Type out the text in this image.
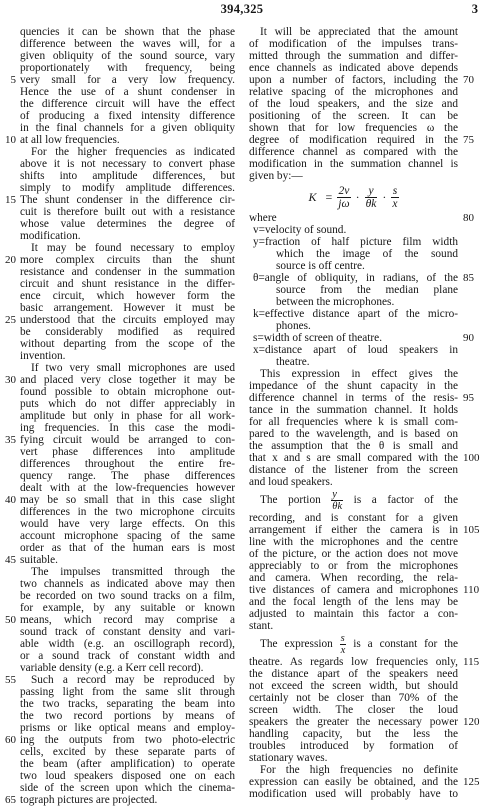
394,325	3
quencies it can be shown that the phase
difference between the waves will, for a
given obliquity of the sound source, vary
proportionately with frequency, being
very small for a very low frequency.
5
Hence the use of a shunt condenser in
the difference circuit will have the effect
of producing a fixed intensity difference
in the final channels for a given obliquity
at all low frequencies.
10
For the higher frequencies as indicated
above it is not necessary to convert phase
shifts into amplitude differences, but
simply to modify amplitude differences.
The shunt condenser in the difference cir-
15
cuit is therefore built out with a resistance
whose value determines the degree of
modification.
It may be found necessary to employ
more complex circuits than the shunt
20
resistance and condenser in the summation
circuit and shunt resistance in the differ-
ence circuit, which however form the
basic arrangement. However it must be
understood that the circuits employed may
25
be considerably modified as required
without departing from the scope of the
invention.
If two very small microphones are used
and placed very close together it may be
30
found possible to obtain microphone out-
puts which do not differ appreciably in
amplitude but only in phase for all work-
ing frequencies. In this case the modi-
fying circuit would be arranged to con-
35
vert phase differences into amplitude
differences throughout the entire fre-
quency range. The phase differences
dealt with at the low-frequencies however
may be so small that in this case slight
40
differences in the two microphone circuits
would have very large effects. On this
account microphone spacing of the same
order as that of the human ears is most
suitable.
45
The impulses transmitted through the
two channels as indicated above may then
be recorded on two sound tracks on a film,
for example, by any suitable or known
means, which record may comprise a
50
sound track of constant density and vari-
able width (e.g. an oscillograph record),
or a sound track of constant width and
variable density (e.g. a Kerr cell record).
Such a record may be reproduced by
55
passing light from the same slit through
the two tracks, separating the beam into
the two record portions by means of
prisms or like optical means and employ-
ing the outputs from two photo-electric
60
cells, excited by these separate parts of
the beam (after amplification) to operate
two loud speakers disposed one on each
side of the screen upon which the cinema-
tograph pictures are projected.
65
It will be appreciated that the amount
of modification of the impulses trans-
mitted through the summation and differ-
ence channels as indicated above depends
upon a number of factors, including the 70
relative spacing of the microphones and
of the loud speakers, and the size and
positioning of the screen. It can be
shown that for low frequencies ω the
degree of modification required in the 75
difference channel as compared with the
modification in the summation channel is
given by:—
$K = \frac{2v}{j\omega} \cdot \frac{y}{\theta k} \cdot \frac{s}{x}$
where	80
v=velocity of sound.
y=fraction of half picture film width
which the image of the sound
source is off centre.
θ=angle of obliquity, in radians, of the 85
source from the median plane
between the microphones.
k=effective distance apart of the micro-
phones.
s=width of screen of theatre.	90
x=distance apart of loud speakers in
theatre.
This expression in effect gives the
impedance of the shunt capacity in the
difference channel in terms of the resis- 95
tance in the summation channel. It holds
for all frequencies where k is small com-
pared to the wavelength, and is based on
the assumption that the θ is small and
that x and s are small compared with the 100
distance of the listener from the screen
and loud speakers.
The portion $\frac{y}{\theta k}$ is a factor of the
recording, and is constant for a given
arrangement if either the camera is in 105
line with the microphones and the centre
of the picture, or the action does not move
appreciably to or from the microphones
and camera. When recording, the rela-
tive distances of camera and microphones 110
and the focal length of the lens may be
adjusted to maintain this factor a con-
stant.
The expression $\frac{s}{x}$ is a constant for the
theatre. As regards low frequencies only, 115
the distance apart of the speakers need
not exceed the screen width, but should
certainly not be closer than 70% of the
screen width. The closer the loud
speakers the greater the necessary power 120
handling capacity, but the less the
troubles introduced by formation of
stationary waves.
For the high frequencies no definite
expression can easily be obtained, and the 125
modification used will probably have to
